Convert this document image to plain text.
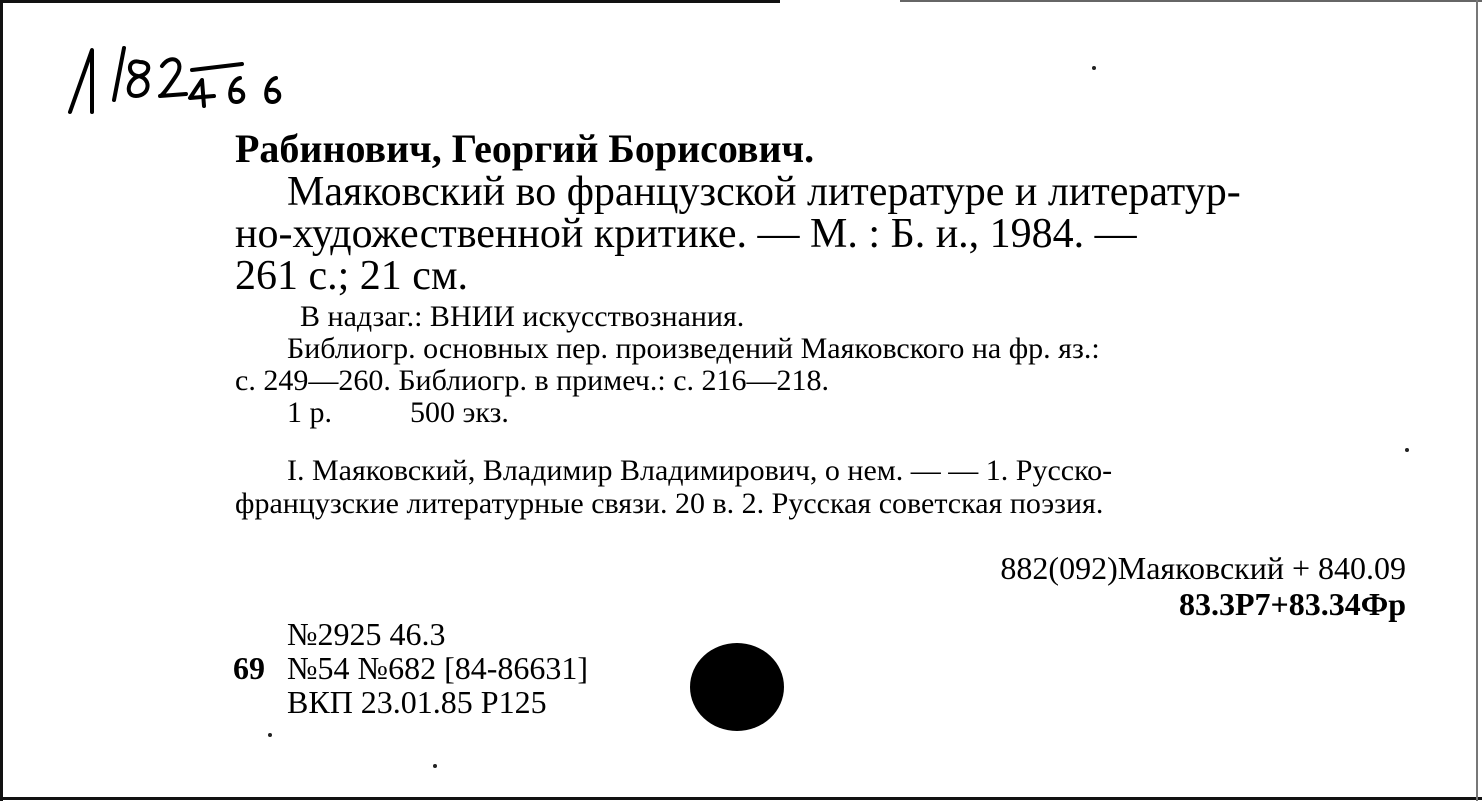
Рабинович, Георгий Борисович.
Маяковский во французской литературе и литератур-
но-художественной критике. — М. : Б. и., 1984. —
261 с.; 21 см.
В надзаг.: ВНИИ искусствознания.
Библиогр. основных пер. произведений Маяковского на фр. яз.:
с. 249—260. Библиогр. в примеч.: с. 216—218.
1 р.	500 экз.
I. Маяковский, Владимир Владимирович, о нем. — — 1. Русско-
французские литературные связи. 20 в. 2. Русская советская поэзия.
882(092)Маяковский + 840.09
83.3Р7+83.34Фр
№2925 46.3
69 №54 №682 [84-86631]
ВКП 23.01.85 Р125
